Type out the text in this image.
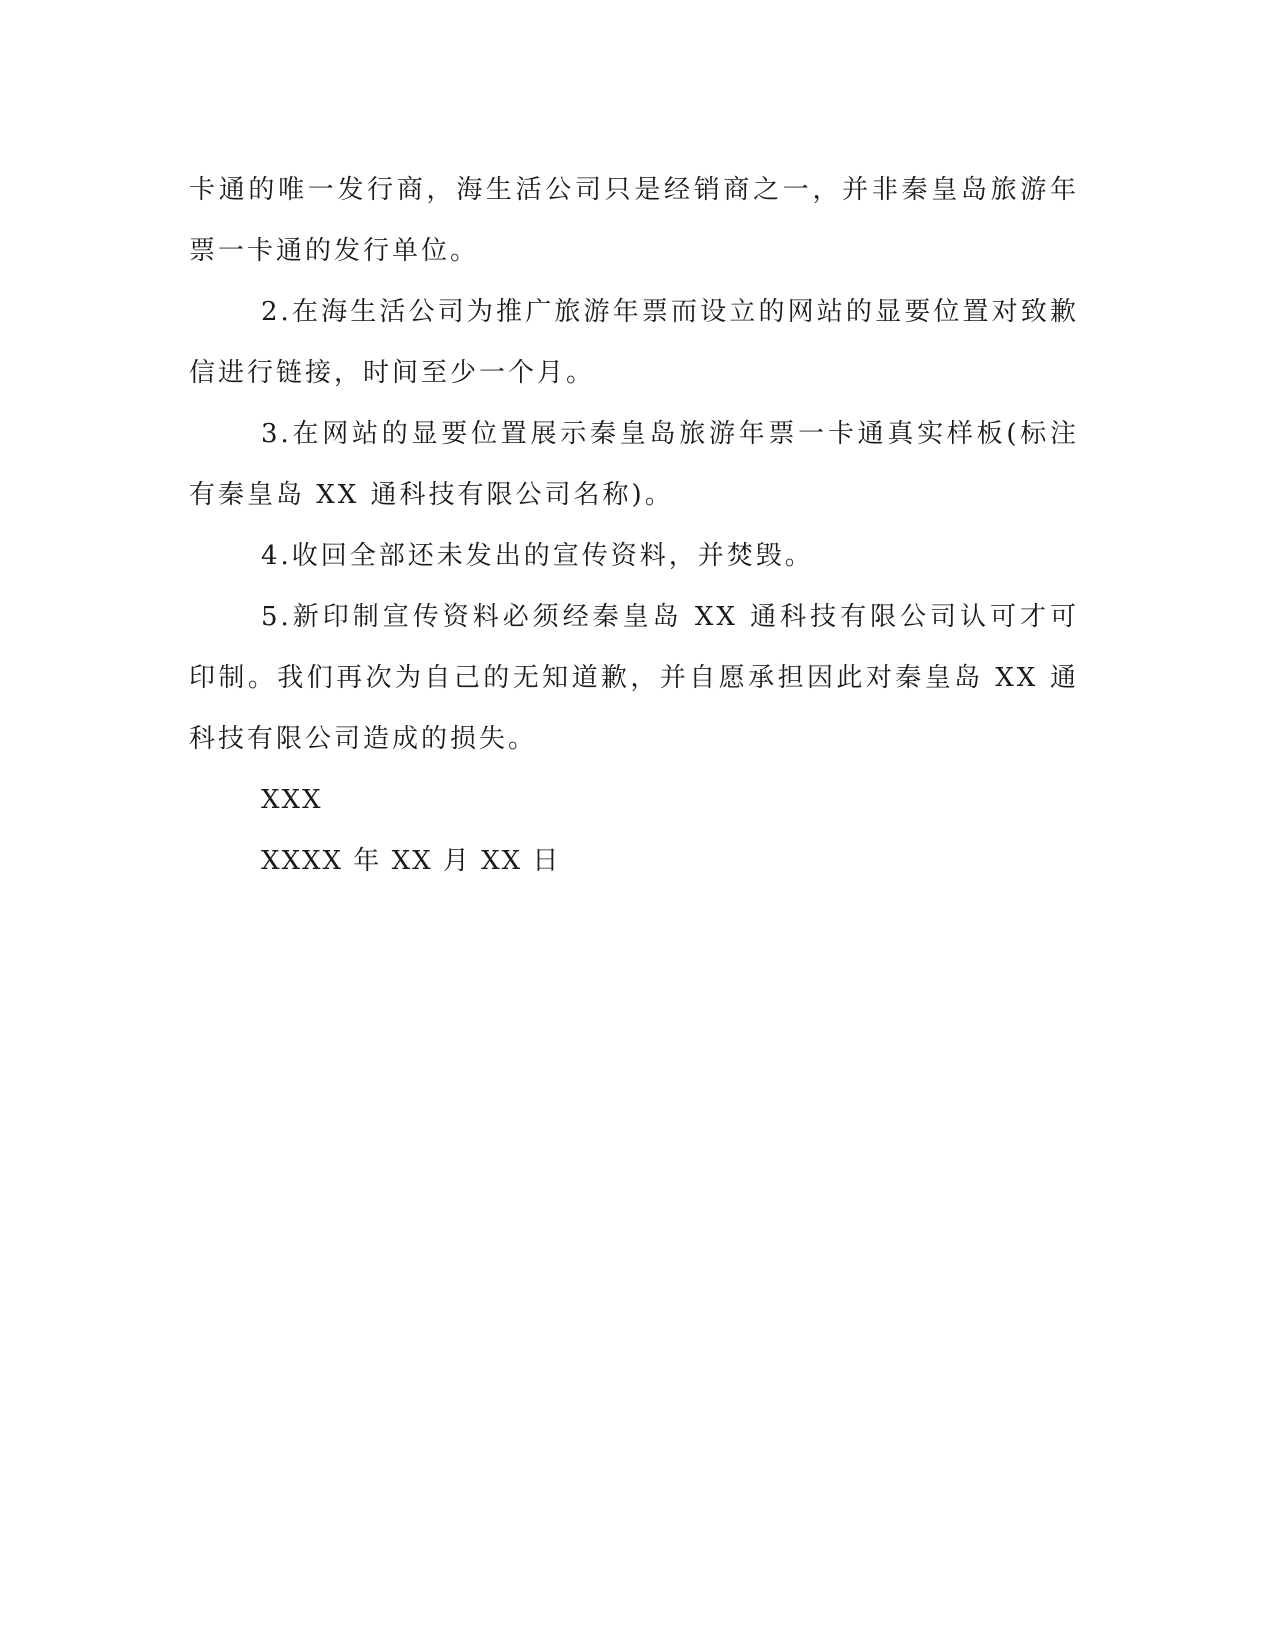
卡通的唯一发行商，海生活公司只是经销商之一，并非秦皇岛旅游年票一卡通的发行单位。

2.在海生活公司为推广旅游年票而设立的网站的显要位置对致歉信进行链接，时间至少一个月。

3.在网站的显要位置展示秦皇岛旅游年票一卡通真实样板(标注有秦皇岛 XX 通科技有限公司名称)。

4.收回全部还未发出的宣传资料，并焚毁。

5.新印制宣传资料必须经秦皇岛 XX 通科技有限公司认可才可印制。我们再次为自己的无知道歉，并自愿承担因此对秦皇岛 XX 通科技有限公司造成的损失。

XXX

XXXX 年 XX 月 XX 日
